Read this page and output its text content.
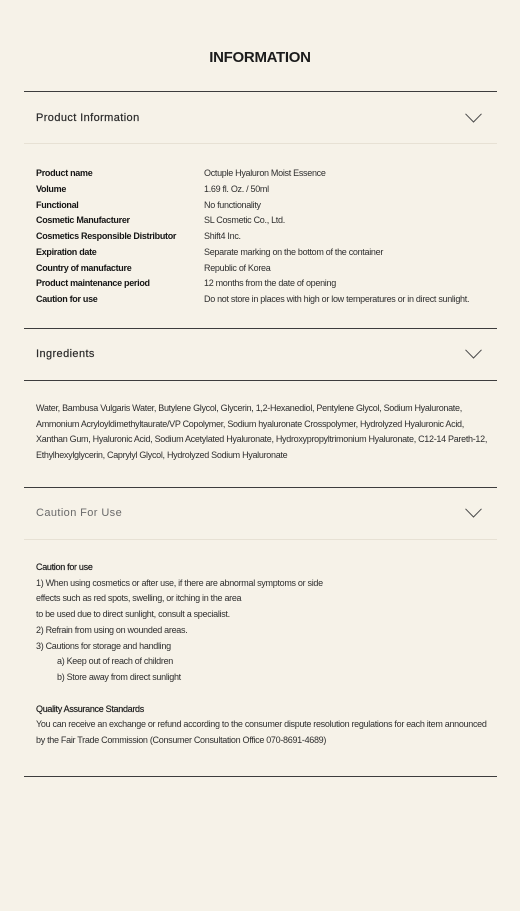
INFORMATION
Product Information
Product name	Octuple Hyaluron Moist Essence
Volume	1.69 fl. Oz. / 50ml
Functional	No functionality
Cosmetic Manufacturer	SL Cosmetic Co., Ltd.
Cosmetics Responsible Distributor	Shift4 Inc.
Expiration date	Separate marking on the bottom of the container
Country of manufacture	Republic of Korea
Product maintenance period	12 months from the date of opening
Caution for use	Do not store in places with high or low temperatures or in direct sunlight.
Ingredients
Water, Bambusa Vulgaris Water, Butylene Glycol, Glycerin, 1,2-Hexanediol, Pentylene Glycol, Sodium Hyaluronate,
Ammonium Acryloyldimethyltaurate/VP Copolymer, Sodium hyaluronate Crosspolymer, Hydrolyzed Hyaluronic Acid,
Xanthan Gum, Hyaluronic Acid, Sodium Acetylated Hyaluronate, Hydroxypropyltrimonium Hyaluronate, C12-14 Pareth-12,
Ethylhexylglycerin, Caprylyl Glycol, Hydrolyzed Sodium Hyaluronate
Caution For Use
Caution for use
1) When using cosmetics or after use, if there are abnormal symptoms or side
effects such as red spots, swelling, or itching in the area
to be used due to direct sunlight, consult a specialist.
2) Refrain from using on wounded areas.
3) Cautions for storage and handling
a) Keep out of reach of children
b) Store away from direct sunlight
Quality Assurance Standards
You can receive an exchange or refund according to the consumer dispute resolution regulations for each item announced
by the Fair Trade Commission (Consumer Consultation Office 070-8691-4689)
